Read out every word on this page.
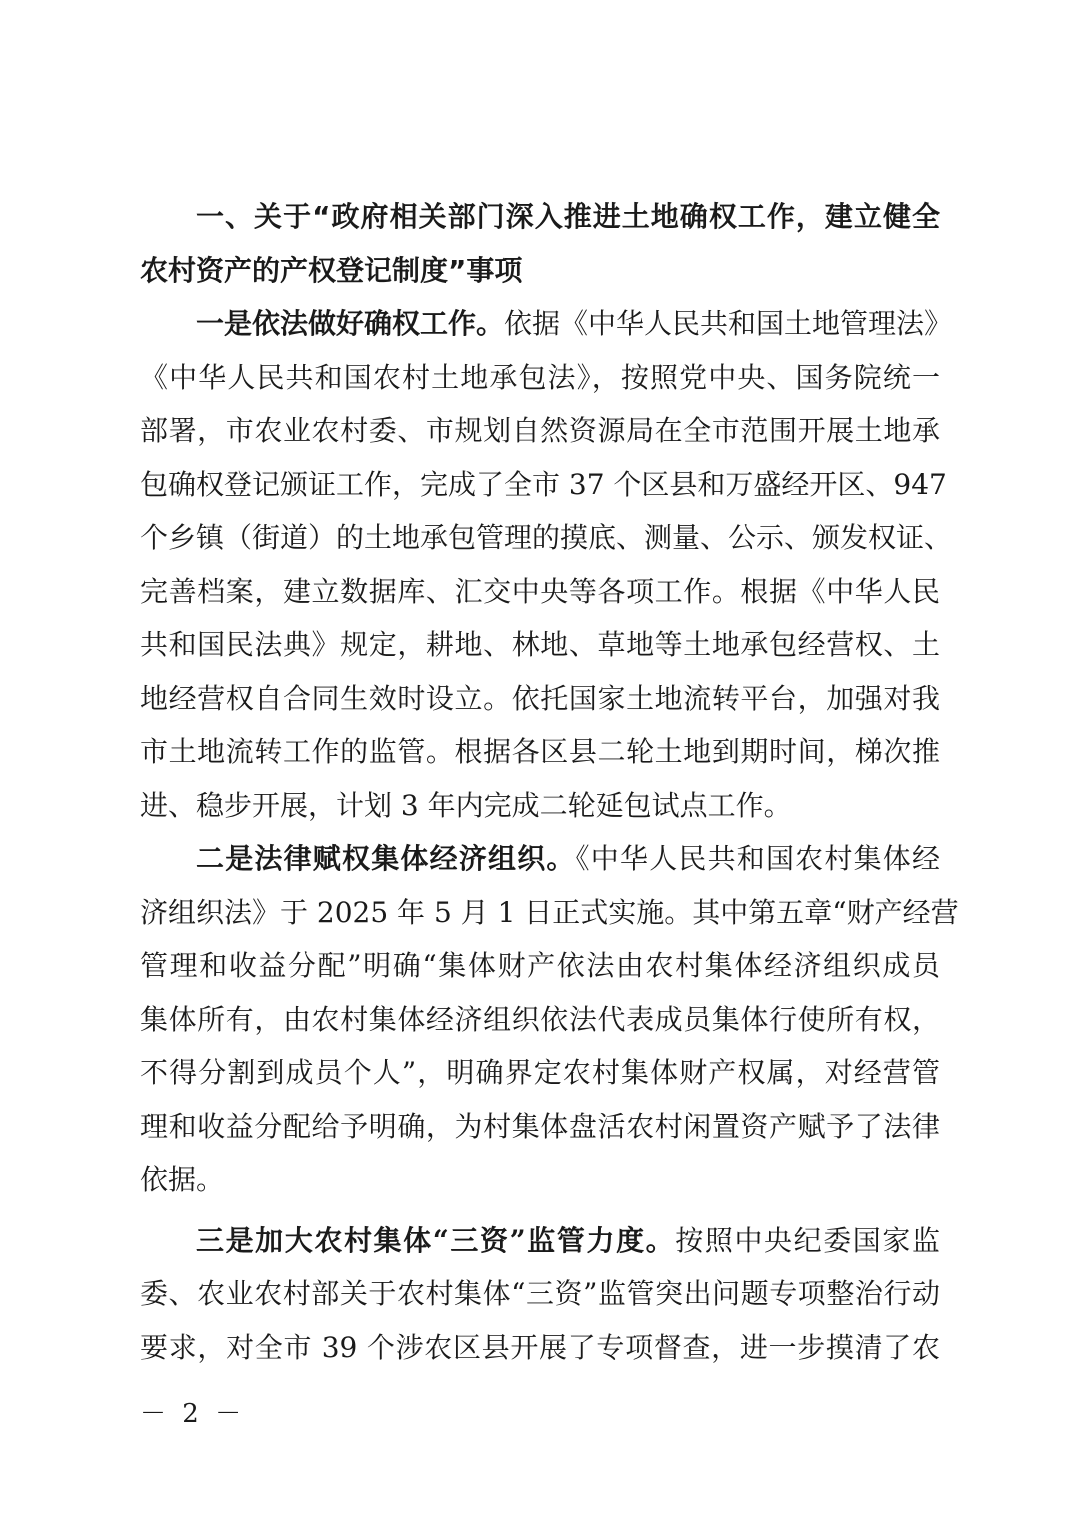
一、关于“政府相关部门深入推进土地确权工作，建立健全
农村资产的产权登记制度”事项
一是依法做好确权工作。依据《中华人民共和国土地管理法》
《中华人民共和国农村土地承包法》，按照党中央、国务院统一
部署，市农业农村委、市规划自然资源局在全市范围开展土地承
包确权登记颁证工作，完成了全市 37 个区县和万盛经开区、947
个乡镇（街道）的土地承包管理的摸底、测量、公示、颁发权证、
完善档案，建立数据库、汇交中央等各项工作。根据《中华人民
共和国民法典》规定，耕地、林地、草地等土地承包经营权、土
地经营权自合同生效时设立。依托国家土地流转平台，加强对我
市土地流转工作的监管。根据各区县二轮土地到期时间，梯次推
进、稳步开展，计划 3 年内完成二轮延包试点工作。
二是法律赋权集体经济组织。《中华人民共和国农村集体经
济组织法》于 2025 年 5 月 1 日正式实施。其中第五章“财产经营
管理和收益分配”明确“集体财产依法由农村集体经济组织成员
集体所有，由农村集体经济组织依法代表成员集体行使所有权，
不得分割到成员个人”，明确界定农村集体财产权属，对经营管
理和收益分配给予明确，为村集体盘活农村闲置资产赋予了法律
依据。
三是加大农村集体“三资”监管力度。按照中央纪委国家监
委、农业农村部关于农村集体“三资”监管突出问题专项整治行动
要求，对全市 39 个涉农区县开展了专项督查，进一步摸清了农
－ 2 －
